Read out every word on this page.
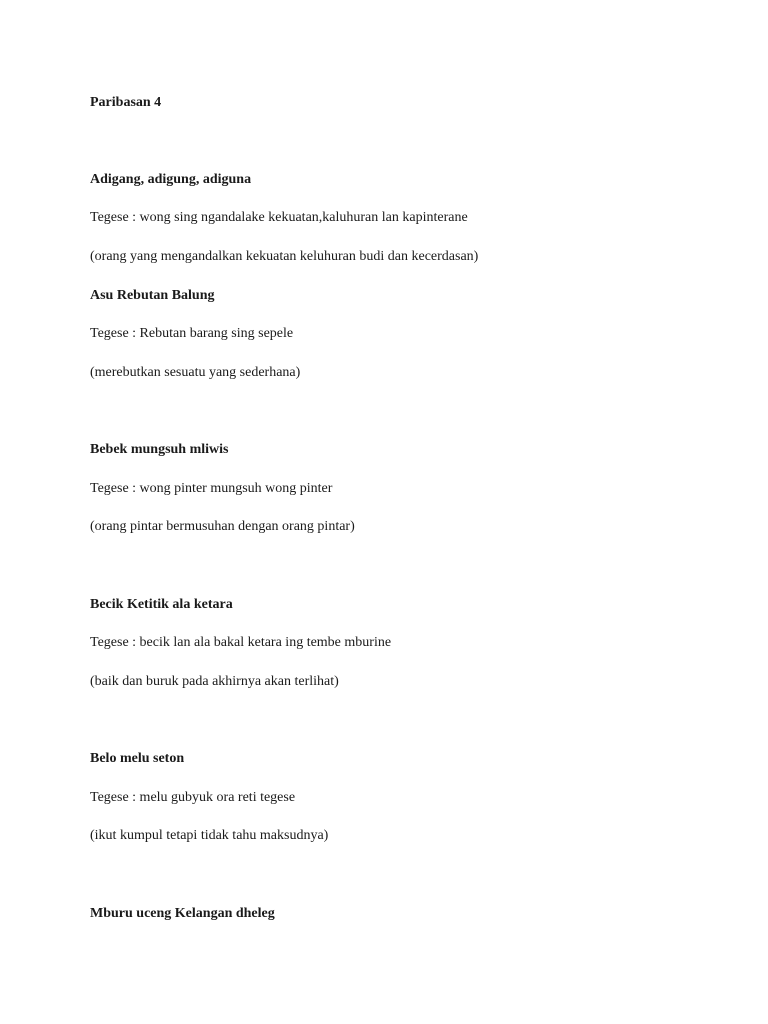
Paribasan 4
Adigang, adigung, adiguna
Tegese : wong sing ngandalake kekuatan,kaluhuran lan kapinterane
(orang yang mengandalkan kekuatan keluhuran budi dan kecerdasan)
Asu Rebutan Balung
Tegese : Rebutan barang sing sepele
(merebutkan sesuatu yang sederhana)
Bebek mungsuh mliwis
Tegese : wong pinter mungsuh wong pinter
(orang pintar bermusuhan dengan orang pintar)
Becik Ketitik ala ketara
Tegese : becik lan ala bakal ketara ing tembe mburine
(baik dan buruk pada akhirnya akan terlihat)
Belo melu seton
Tegese : melu gubyuk ora reti tegese
(ikut kumpul tetapi tidak tahu maksudnya)
Mburu uceng Kelangan dheleg
